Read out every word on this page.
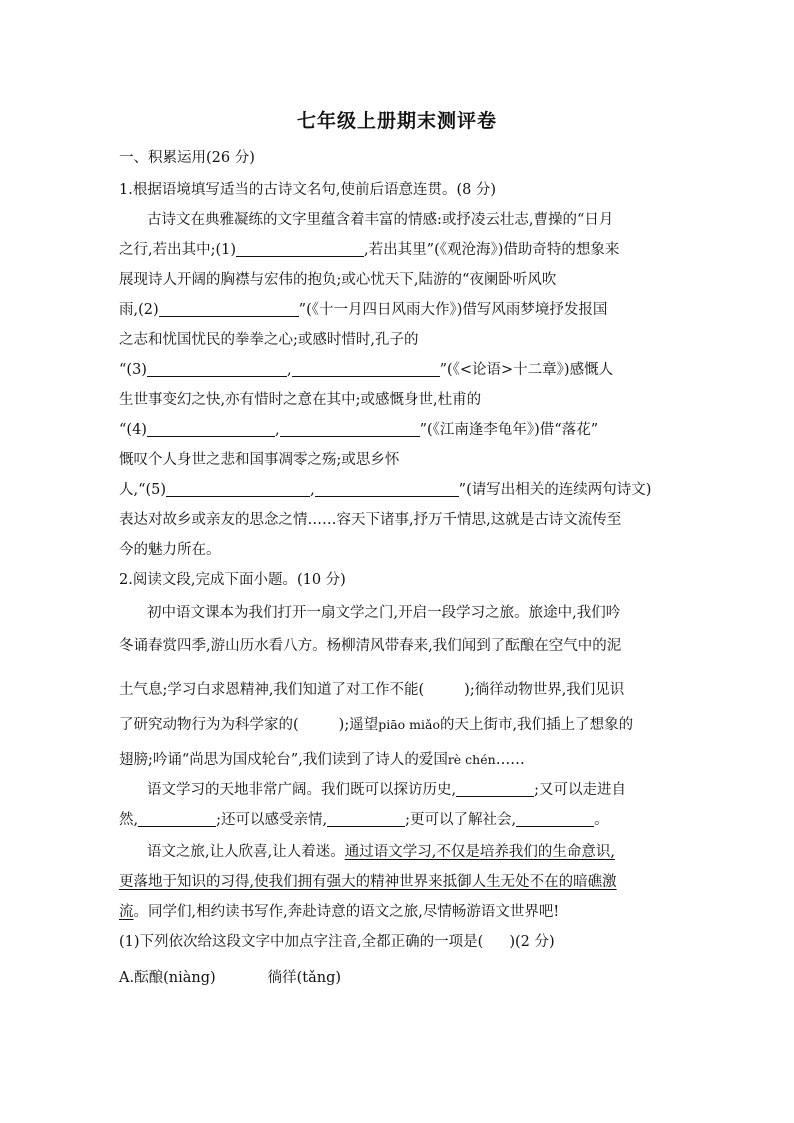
七年级上册期末测评卷
一、积累运用(26 分)
1.根据语境填写适当的古诗文名句,使前后语意连贯。(8 分)
古诗文在典雅凝练的文字里蕴含着丰富的情感:或抒凌云壮志,曹操的“日月
之行,若出其中;(1)	,若出其里”(《观沧海》)借助奇特的想象来
展现诗人开阔的胸襟与宏伟的抱负;或心忧天下,陆游的“夜阑卧听风吹
雨,(2)	”(《十一月四日风雨大作》)借写风雨梦境抒发报国
之志和忧国忧民的拳拳之心;或感时惜时,孔子的
“(3)	,	”(《<论语>十二章》)感慨人
生世事变幻之快,亦有惜时之意在其中;或感慨身世,杜甫的
“(4)	,	”(《江南逢李龟年》)借“落花”
慨叹个人身世之悲和国事凋零之殇;或思乡怀
人,“(5)	,	”(请写出相关的连续两句诗文)
表达对故乡或亲友的思念之情……容天下诸事,抒万千情思,这就是古诗文流传至
今的魅力所在。
2.阅读文段,完成下面小题。(10 分)
初中语文课本为我们打开一扇文学之门,开启一段学习之旅。旅途中,我们吟
冬诵春赏四季,游山历水看八方。杨柳清风带春来,我们闻到了酝酿在空气中的泥
土气息;学习白求恩精神,我们知道了对工作不能(	);徜徉动物世界,我们见识
了研究动物行为为科学家的(	);遥望piāo miǎo的天上街市,我们插上了想象的
翅膀;吟诵“尚思为国戍轮台”,我们读到了诗人的爱国rè chén……
语文学习的天地非常广阔。我们既可以探访历史,	;又可以走进自
然,	;还可以感受亲情,	;更可以了解社会,	。
语文之旅,让人欣喜,让人着迷。通过语文学习,不仅是培养我们的生命意识,
更落地于知识的习得,使我们拥有强大的精神世界来抵御人生无处不在的暗礁激
流。同学们,相约读书写作,奔赴诗意的语文之旅,尽情畅游语文世界吧!
(1)下列依次给这段文字中加点字注音,全都正确的一项是( )(2 分)
A.酝酿(niàng)	徜徉(tǎng)
